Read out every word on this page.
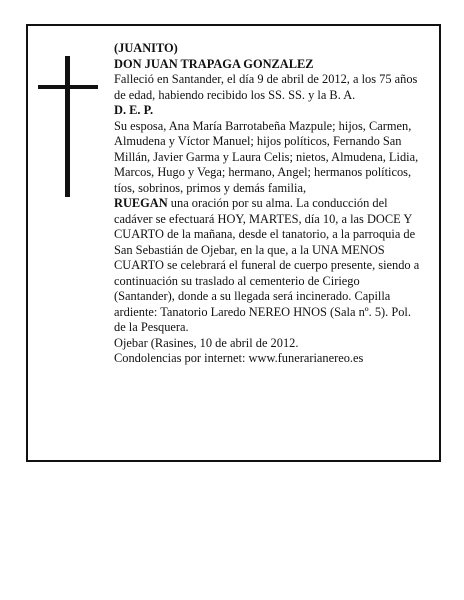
(JUANITO)

DON JUAN TRAPAGA GONZALEZ

Falleció en Santander, el día 9 de abril de 2012, a los 75 años de edad, habiendo recibido los SS. SS. y la B. A.

D. E. P.

Su esposa, Ana María Barrotabeña Mazpule; hijos, Carmen, Almudena y Víctor Manuel; hijos políticos, Fernando San Millán, Javier Garma y Laura Celis; nietos, Almudena, Lidia, Marcos, Hugo y Vega; hermano, Angel; hermanos políticos, tíos, sobrinos, primos y demás familia,

RUEGAN una oración por su alma. La conducción del cadáver se efectuará HOY, MARTES, día 10, a las DOCE Y CUARTO de la mañana, desde el tanatorio, a la parroquia de San Sebastián de Ojebar, en la que, a la UNA MENOS CUARTO se celebrará el funeral de cuerpo presente, siendo a continuación su traslado al cementerio de Ciriego (Santander), donde a su llegada será incinerado. Capilla ardiente: Tanatorio Laredo NEREO HNOS (Sala nº. 5). Pol. de la Pesquera.

Ojebar (Rasines, 10 de abril de 2012.

Condolencias por internet: www.funerarianereo.es
